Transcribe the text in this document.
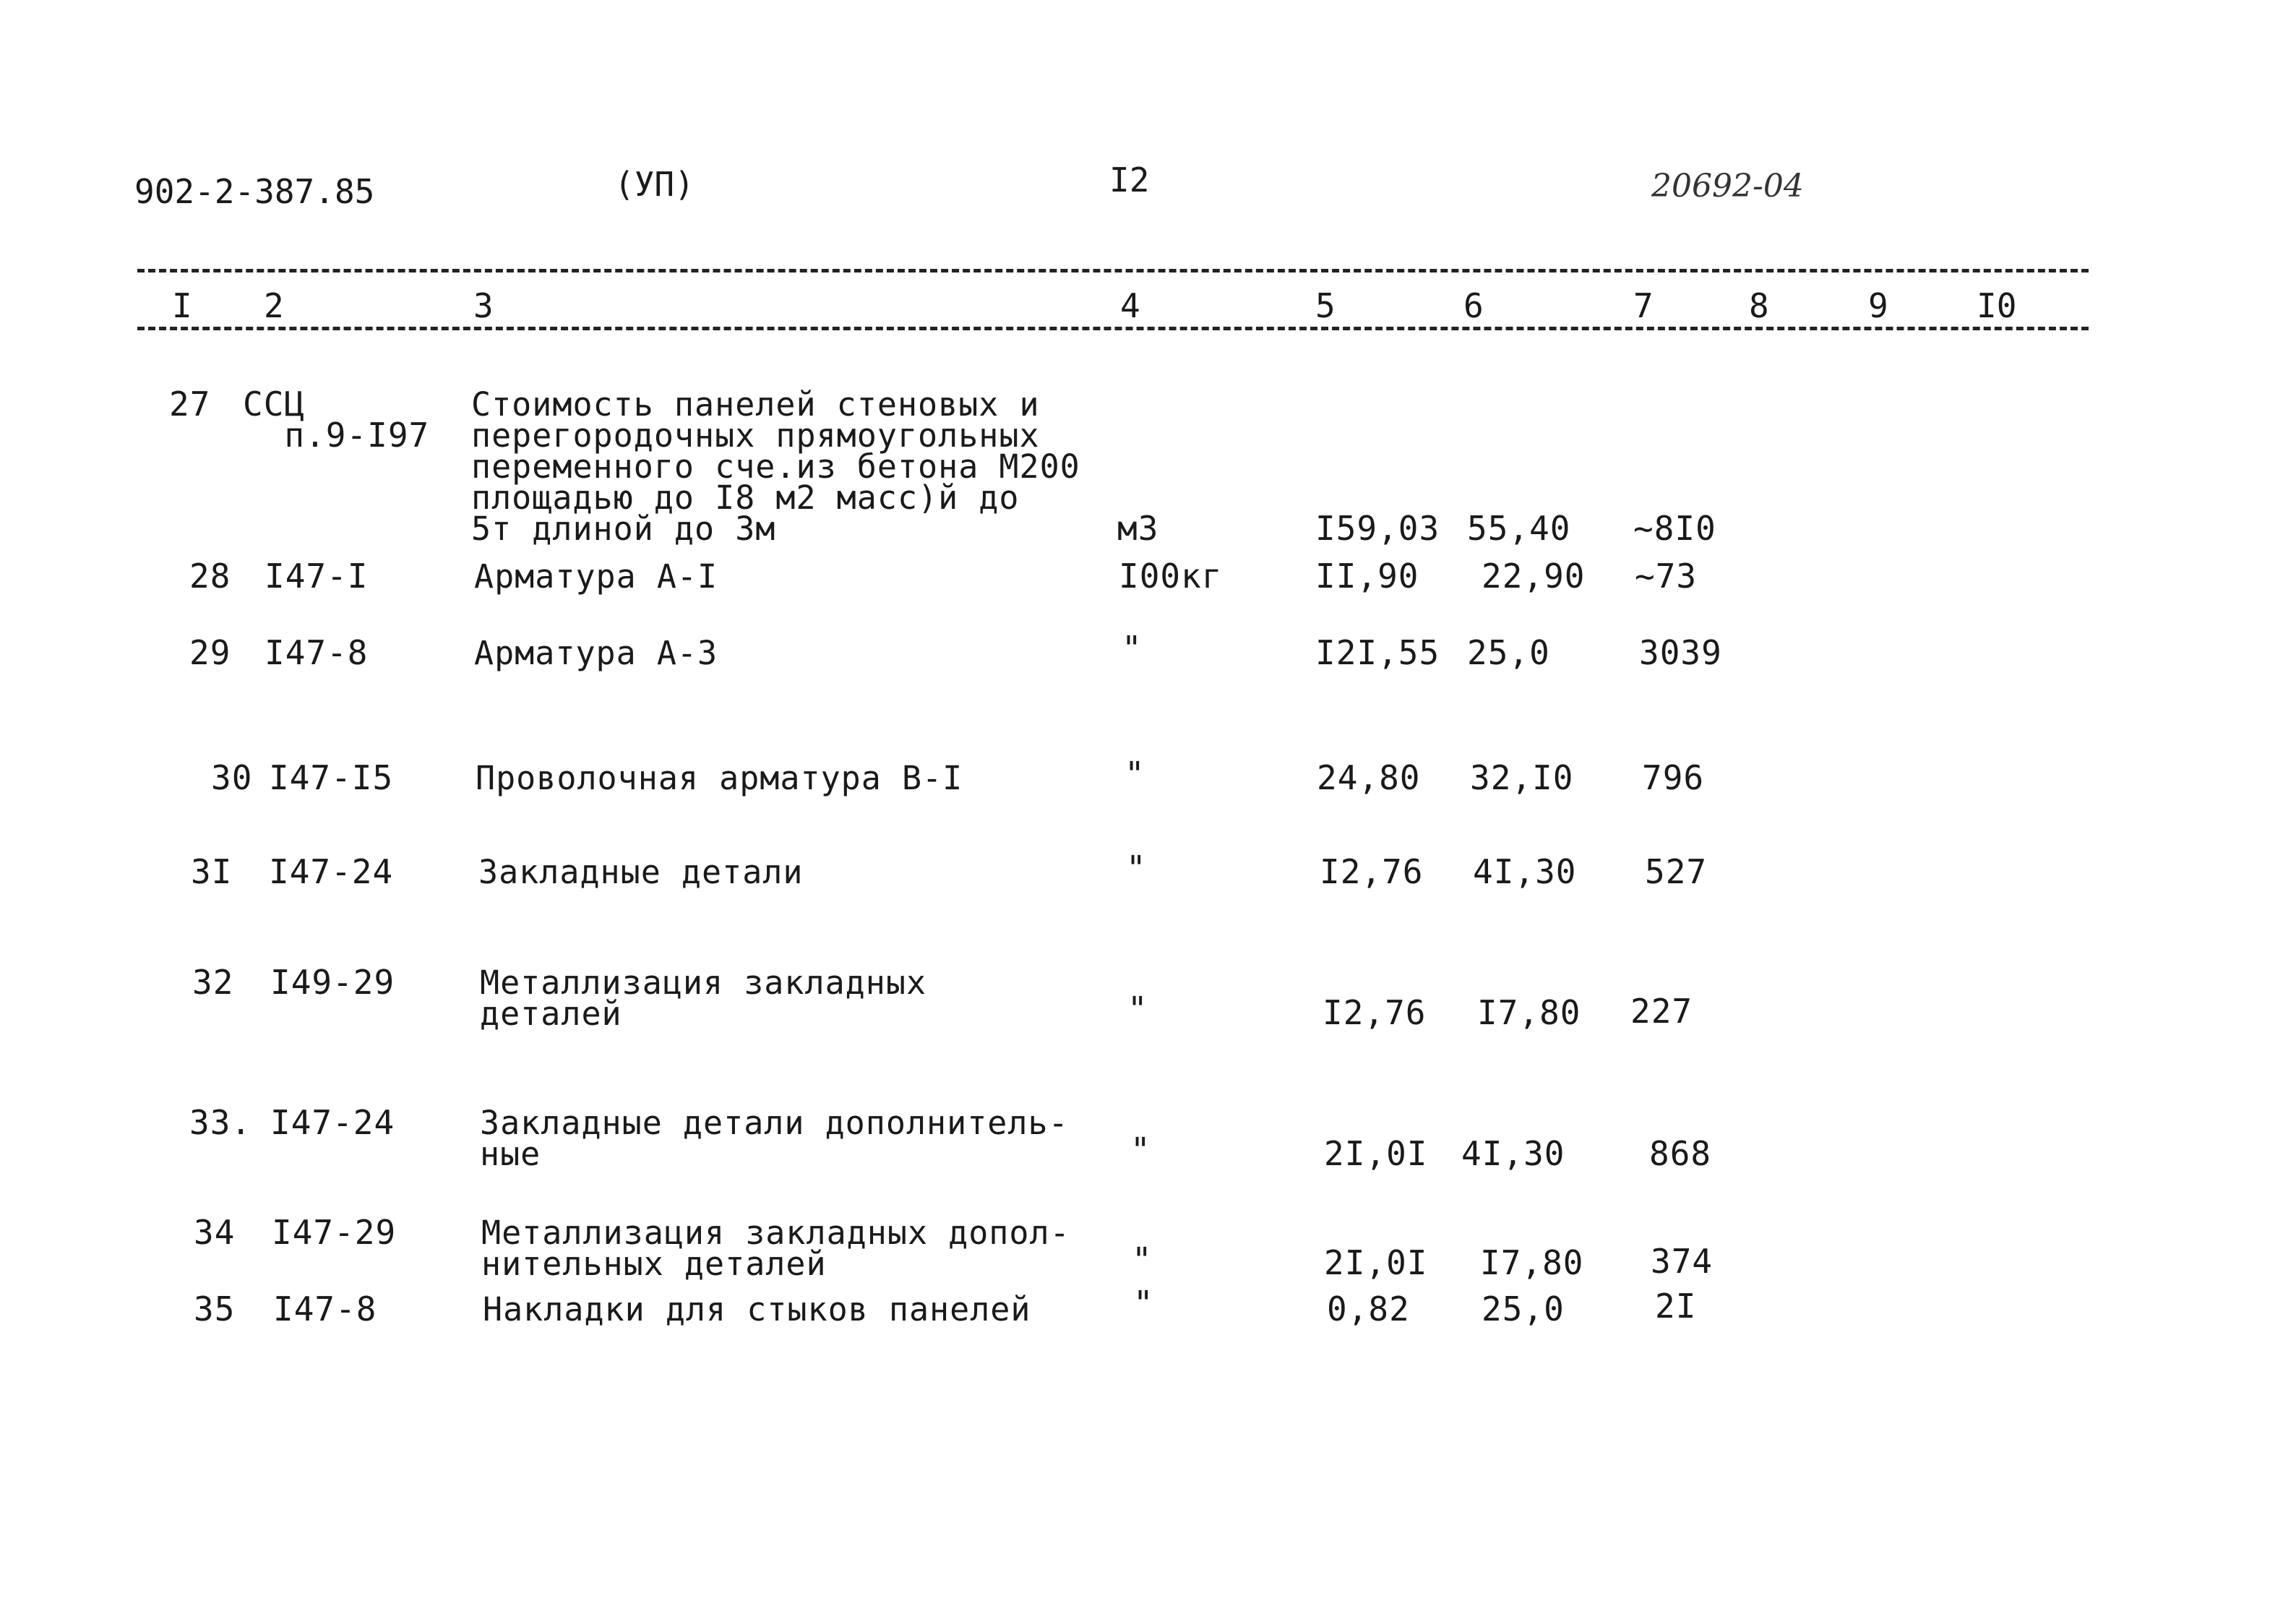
902-2-387.85	(УП)	I2	20692-04
I 2	3	4	5	6	7	8	9	I0
27 ССЦ
п.9-I97
Стоимость панелей стеновых и
перегородочных прямоугольных
переменного сче.из бетона М200
площадью до I8 м2 масс)й до
5т длиной до 3м	м3	I59,03 55,40 ~8I0
28 I47-I	Арматура А-I	I00кг	II,90 22,90 ~73
29 I47-8	Арматура А-3	"	I2I,55 25,0	3039
30 I47-I5	Проволочная арматура В-I	"	24,80 32,I0 796
3I I47-24	Закладные детали	"	I2,76 4I,30 527
32 I49-29	Металлизация закладных
деталей	"	I2,76 I7,80 227
33. I47-24	Закладные детали дополнитель-
ные	"	2I,0I 4I,30	868
34 I47-29	Металлизация закладных допол-
нительных деталей	"	2I,0I I7,80 374
35 I47-8	Накладки для стыков панелей	"	0,82 25,0	2I
